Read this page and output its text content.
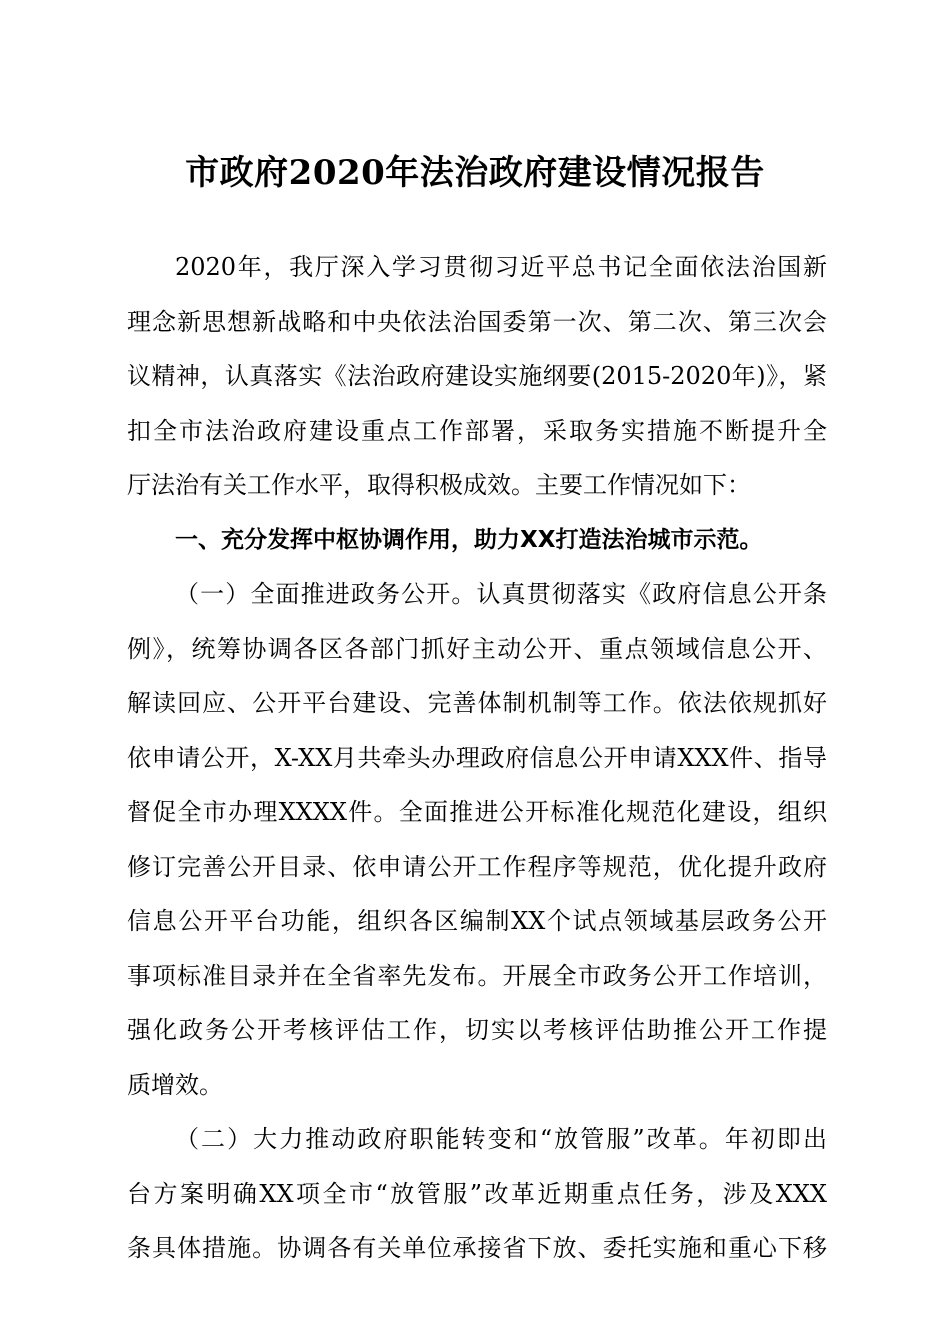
市政府2020年法治政府建设情况报告
2020年，我厅深入学习贯彻习近平总书记全面依法治国新
理念新思想新战略和中央依法治国委第一次、第二次、第三次会
议精神，认真落实《法治政府建设实施纲要(2015-2020年)》，紧
扣全市法治政府建设重点工作部署，采取务实措施不断提升全
厅法治有关工作水平，取得积极成效。主要工作情况如下：
一、充分发挥中枢协调作用，助力XX打造法治城市示范。
（一）全面推进政务公开。认真贯彻落实《政府信息公开条
例》，统筹协调各区各部门抓好主动公开、重点领域信息公开、
解读回应、公开平台建设、完善体制机制等工作。依法依规抓好
依申请公开，X-XX月共牵头办理政府信息公开申请XXX件、指导
督促全市办理XXXX件。全面推进公开标准化规范化建设，组织
修订完善公开目录、依申请公开工作程序等规范，优化提升政府
信息公开平台功能，组织各区编制XX个试点领域基层政务公开
事项标准目录并在全省率先发布。开展全市政务公开工作培训，
强化政务公开考核评估工作，切实以考核评估助推公开工作提
质增效。
（二）大力推动政府职能转变和“放管服”改革。年初即出
台方案明确XX项全市“放管服”改革近期重点任务，涉及XXX
条具体措施。协调各有关单位承接省下放、委托实施和重心下移
